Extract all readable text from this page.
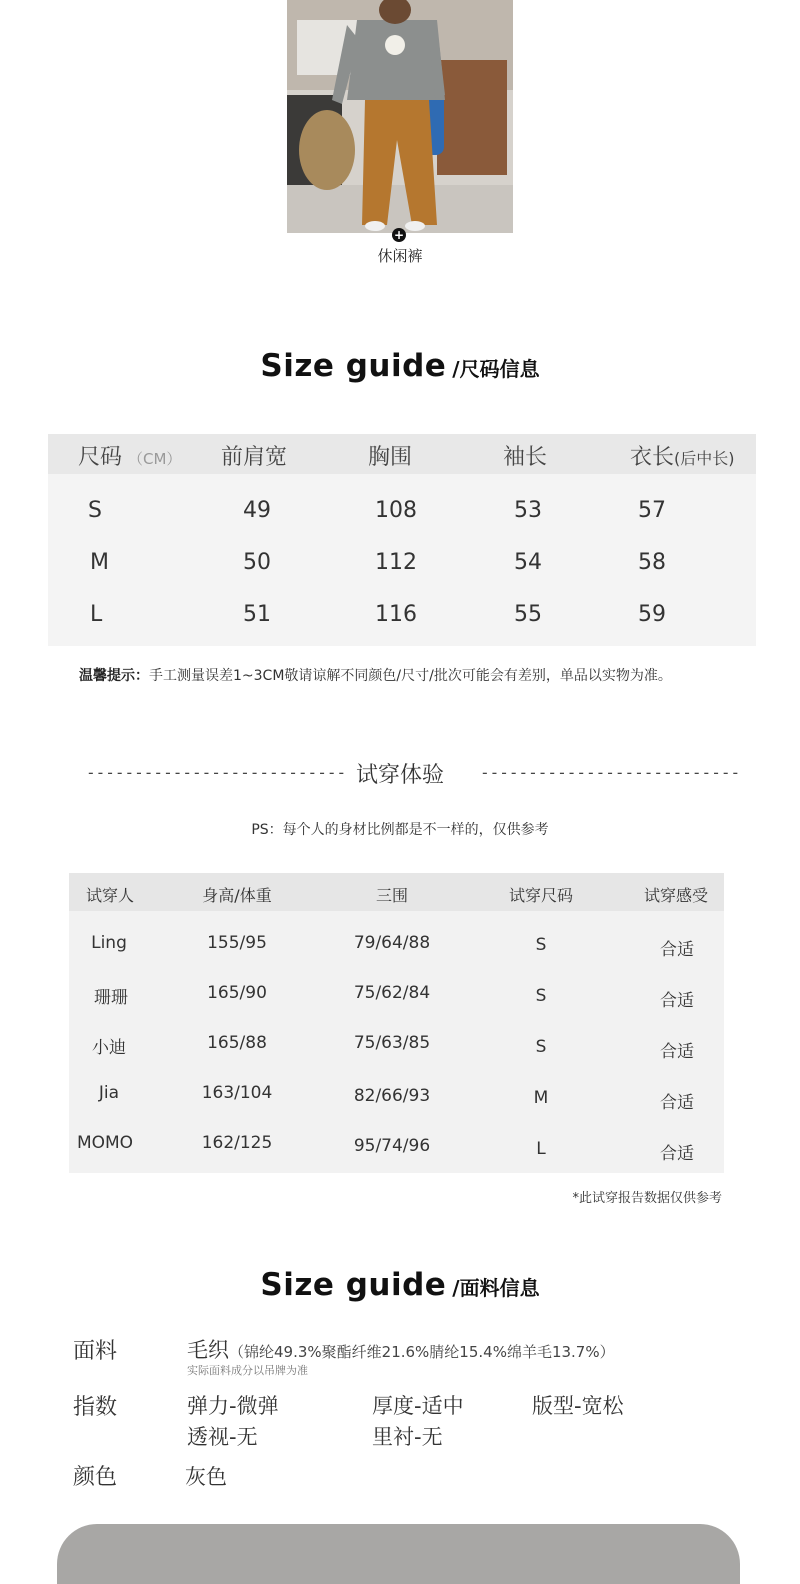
+
休闲裤
Size guide /尺码信息
尺码 （CM） 前肩宽	胸围	袖长	衣长(后中长)
S	49	108	53	57
M	50	112	54	58
L	51	116	55	59
温馨提示：手工测量误差1~3CM敬请谅解不同颜色/尺寸/批次可能会有差别，单品以实物为准。
--------------------------- 试穿体验	---------------------------
PS：每个人的身材比例都是不一样的，仅供参考
试穿人	身高/体重	三围	试穿尺码	试穿感受
Ling	155/95	79/64/88	S	合适
珊珊	165/90	75/62/84	S	合适
小迪	165/88	75/63/85	S	合适
Jia	163/104	82/66/93	M	合适
MOMO	162/125	95/74/96	L	合适
*此试穿报告数据仅供参考
Size guide /面料信息
面料	毛织（锦纶49.3%聚酯纤维21.6%腈纶15.4%绵羊毛13.7%）
实际面料成分以吊牌为准
指数	弹力-微弹	厚度-适中	版型-宽松
透视-无	里衬-无
颜色	灰色
